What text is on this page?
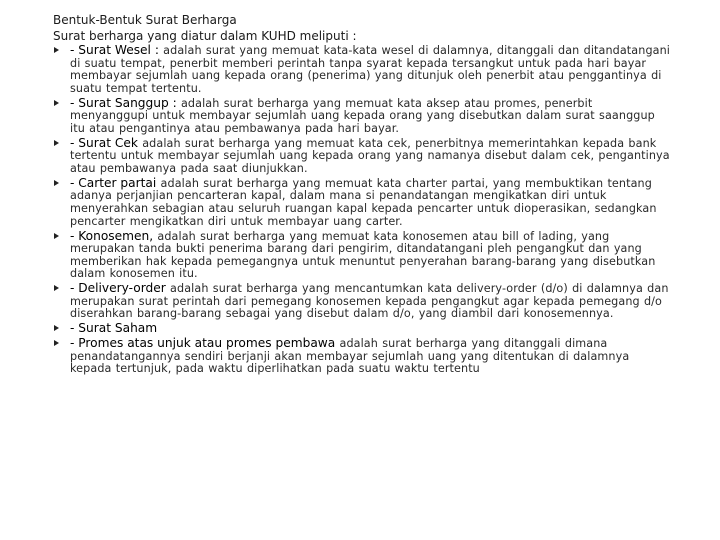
Bentuk-Bentuk Surat Berharga
Surat berharga yang diatur dalam KUHD meliputi :
- Surat Wesel : adalah surat yang memuat kata-kata wesel di dalamnya, ditanggali dan ditandatangani di suatu tempat, penerbit memberi perintah tanpa syarat kepada tersangkut untuk pada hari bayar membayar sejumlah uang kepada orang (penerima) yang ditunjuk oleh penerbit atau penggantinya di suatu tempat tertentu.
- Surat Sanggup : adalah surat berharga yang memuat kata aksep atau promes, penerbit menyanggupi untuk membayar sejumlah uang kepada orang yang disebutkan dalam surat saanggup itu atau pengantinya atau pembawanya pada hari bayar.
- Surat Cek adalah surat berharga yang memuat kata cek, penerbitnya memerintahkan kepada bank tertentu untuk membayar sejumlah uang kepada orang yang namanya disebut dalam cek, pengantinya atau pembawanya pada saat diunjukkan.
- Carter partai adalah surat berharga yang memuat kata charter partai, yang membuktikan tentang adanya perjanjian pencarteran kapal, dalam mana si penandatangan mengikatkan diri untuk menyerahkan sebagian atau seluruh ruangan kapal kepada pencarter untuk dioperasikan, sedangkan pencarter mengikatkan diri untuk membayar uang carter.
- Konosemen, adalah surat berharga yang memuat kata konosemen atau bill of lading, yang merupakan tanda bukti penerima barang dari pengirim, ditandatangani pleh pengangkut dan yang memberikan hak kepada pemegangnya untuk menuntut penyerahan barang-barang yang disebutkan dalam konosemen itu.
- Delivery-order adalah surat berharga yang mencantumkan kata delivery-order (d/o) di dalamnya dan merupakan surat perintah dari pemegang konosemen kepada pengangkut agar kepada pemegang d/o diserahkan barang-barang sebagai yang disebut dalam d/o, yang diambil dari konosemennya.
- Surat Saham
- Promes atas unjuk atau promes pembawa adalah surat berharga yang ditanggali dimana penandatangannya sendiri berjanji akan membayar sejumlah uang yang ditentukan di dalamnya kepada tertunjuk, pada waktu diperlihatkan pada suatu waktu tertentu
